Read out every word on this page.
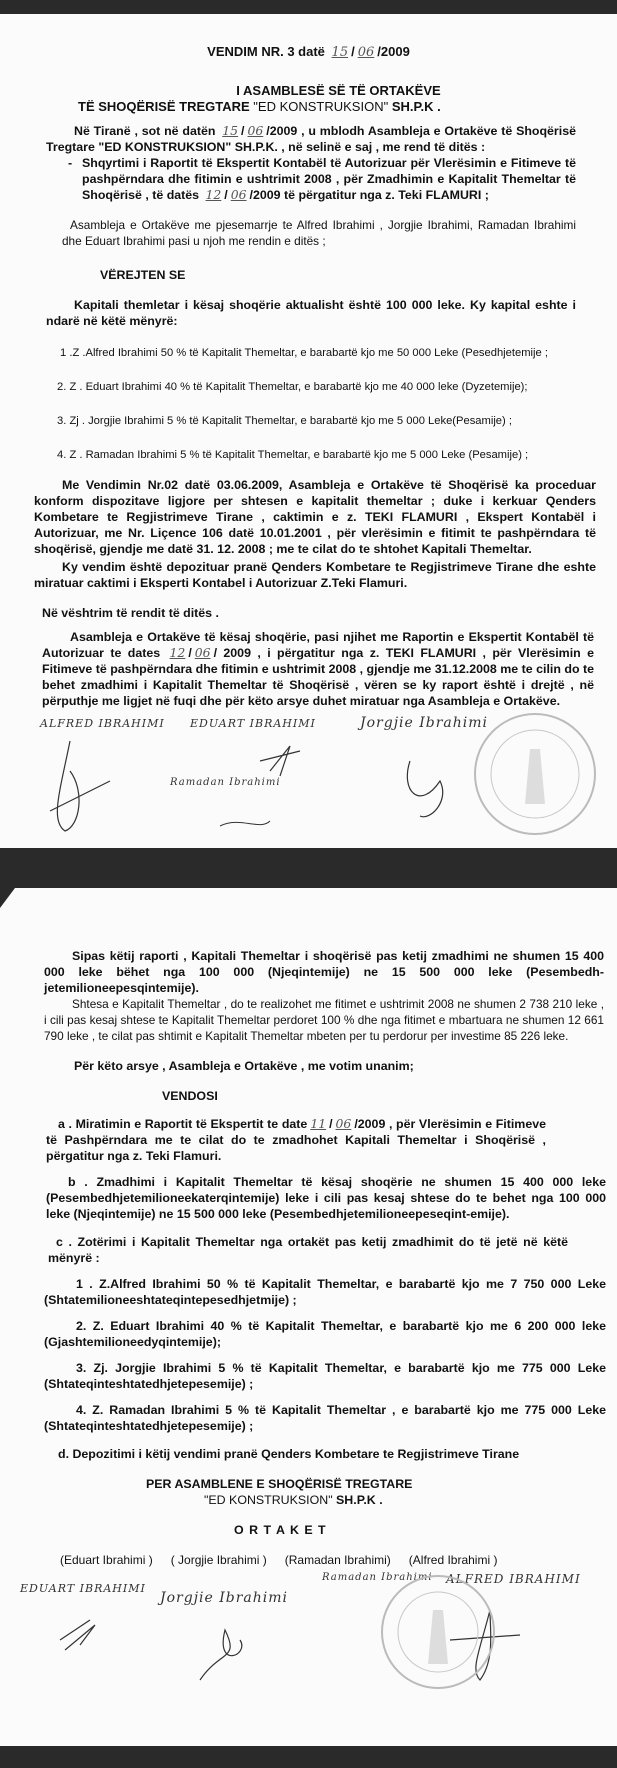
VENDIM NR. 3 datë 15 / 06 /2009
I ASAMBLESË SË TË ORTAKËVE
TË SHOQËRISË TREGTARE "ED KONSTRUKSION" SH.P.K .
Në Tiranë , sot në datën 15 / 06 /2009 , u mblodh Asambleja e Ortakëve të Shoqërisë Tregtare "ED KONSTRUKSION" SH.P.K. , në selinë e saj , me rend të ditës :
- Shqyrtimi i Raportit të Ekspertit Kontabël të Autorizuar për Vlerësimin e Fitimeve të pashpërndara dhe fitimin e ushtrimit 2008 , për Zmadhimin e Kapitalit Themeltar të Shoqërisë , të datës 12 / 06 /2009 të përgatitur nga z. Teki FLAMURI ;
Asambleja e Ortakëve me pjesemarrje te Alfred Ibrahimi , Jorgjie Ibrahimi, Ramadan Ibrahimi dhe Eduart Ibrahimi pasi u njoh me rendin e ditës ;
VËREJTEN SE
Kapitali themletar i kësaj shoqërie aktualisht është 100 000 leke. Ky kapital eshte i ndarë në këtë mënyrë:
1 .Z .Alfred Ibrahimi 50 % të Kapitalit Themeltar, e barabartë kjo me 50 000 Leke (Pesedhjetemije ;
2. Z . Eduart Ibrahimi 40 % të Kapitalit Themeltar, e barabartë kjo me 40 000 leke (Dyzetemije);
3. Zj . Jorgjie Ibrahimi 5 % të Kapitalit Themeltar, e barabartë kjo me 5 000 Leke(Pesamije) ;
4. Z . Ramadan Ibrahimi 5 % të Kapitalit Themeltar, e barabartë kjo me 5 000 Leke (Pesamije) ;
Me Vendimin Nr.02 datë 03.06.2009, Asambleja e Ortakëve të Shoqërisë ka proceduar konform dispozitave ligjore per shtesen e kapitalit themeltar ; duke i kerkuar Qenders Kombetare te Regjistrimeve Tirane , caktimin e z. TEKI FLAMURI , Ekspert Kontabël i Autorizuar, me Nr. Liçence 106 datë 10.01.2001 , për vlerësimin e fitimit te pashpërndara të shoqërisë, gjendje me datë 31. 12. 2008 ; me te cilat do te shtohet Kapitali Themeltar.
Ky vendim është depozituar pranë Qenders Kombetare te Regjistrimeve Tirane dhe eshte miratuar caktimi i Eksperti Kontabel i Autorizuar Z.Teki Flamuri.
Në vështrim të rendit të ditës .
Asambleja e Ortakëve të kësaj shoqërie, pasi njihet me Raportin e Ekspertit Kontabël të Autorizuar te dates 12 / 06 / 2009 , i përgatitur nga z. TEKI FLAMURI , për Vlerësimin e Fitimeve të pashpërndara dhe fitimin e ushtrimit 2008 , gjendje me 31.12.2008 me te cilin do te behet zmadhimi i Kapitalit Themeltar të Shoqërisë , vëren se ky raport është i drejtë , në përputhje me ligjet në fuqi dhe për këto arsye duhet miratuar nga Asambleja e Ortakëve.
ALFRED IBRAHIMI EDUART IBRAHIMI	Jorgjie Ibrahimi
Ramadan Ibrahimi
Sipas këtij raporti , Kapitali Themeltar i shoqërisë pas ketij zmadhimi ne shumen 15 400 000 leke bëhet nga 100 000 (Njeqintemije) ne 15 500 000 leke (Pesembedh-jetemilioneepesqintemije).
Shtesa e Kapitalit Themeltar , do te realizohet me fitimet e ushtrimit 2008 ne shumen 2 738 210 leke , i cili pas kesaj shtese te Kapitalit Themeltar perdoret 100 % dhe nga fitimet e mbartuara ne shumen 12 661 790 leke , te cilat pas shtimit e Kapitalit Themeltar mbeten per tu perdorur per investime 85 226 leke.
Për këto arsye , Asambleja e Ortakëve , me votim unanim;
VENDOSI
a . Miratimin e Raportit të Ekspertit te date 11 / 06 /2009 , për Vlerësimin e Fitimeve të Pashpërndara me te cilat do te zmadhohet Kapitali Themeltar i Shoqërisë , përgatitur nga z. Teki Flamuri.
b . Zmadhimi i Kapitalit Themeltar të kësaj shoqërie ne shumen 15 400 000 leke (Pesembedhjetemilioneekaterqintemije) leke i cili pas kesaj shtese do te behet nga 100 000 leke (Njeqintemije) ne 15 500 000 leke (Pesembedhjetemilioneepeseqint-emije).
c . Zotërimi i Kapitalit Themeltar nga ortakët pas ketij zmadhimit do të jetë në këtë mënyrë :
1 . Z.Alfred Ibrahimi 50 % të Kapitalit Themeltar, e barabartë kjo me 7 750 000 Leke (Shtatemilioneeshtateqintepesedhjetmije) ;
2. Z. Eduart Ibrahimi 40 % të Kapitalit Themeltar, e barabartë kjo me 6 200 000 leke (Gjashtemilioneedyqintemije);
3. Zj. Jorgjie Ibrahimi 5 % të Kapitalit Themeltar, e barabartë kjo me 775 000 Leke (Shtateqinteshtatedhjetepesemije) ;
4. Z. Ramadan Ibrahimi 5 % të Kapitalit Themeltar , e barabartë kjo me 775 000 Leke (Shtateqinteshtatedhjetepesemije) ;
d. Depozitimi i këtij vendimi pranë Qenders Kombetare te Regjistrimeve Tirane
PER ASAMBLENE E SHOQËRISË TREGTARE
"ED KONSTRUKSION" SH.P.K .
O R T A K E T
(Eduart Ibrahimi ) ( Jorgjie Ibrahimi ) (Ramadan Ibrahimi) (Alfred Ibrahimi )
EDUART IBRAHIMI
Jorgjie Ibrahimi
Ramadan Ibrahimi ALFRED IBRAHIMI
